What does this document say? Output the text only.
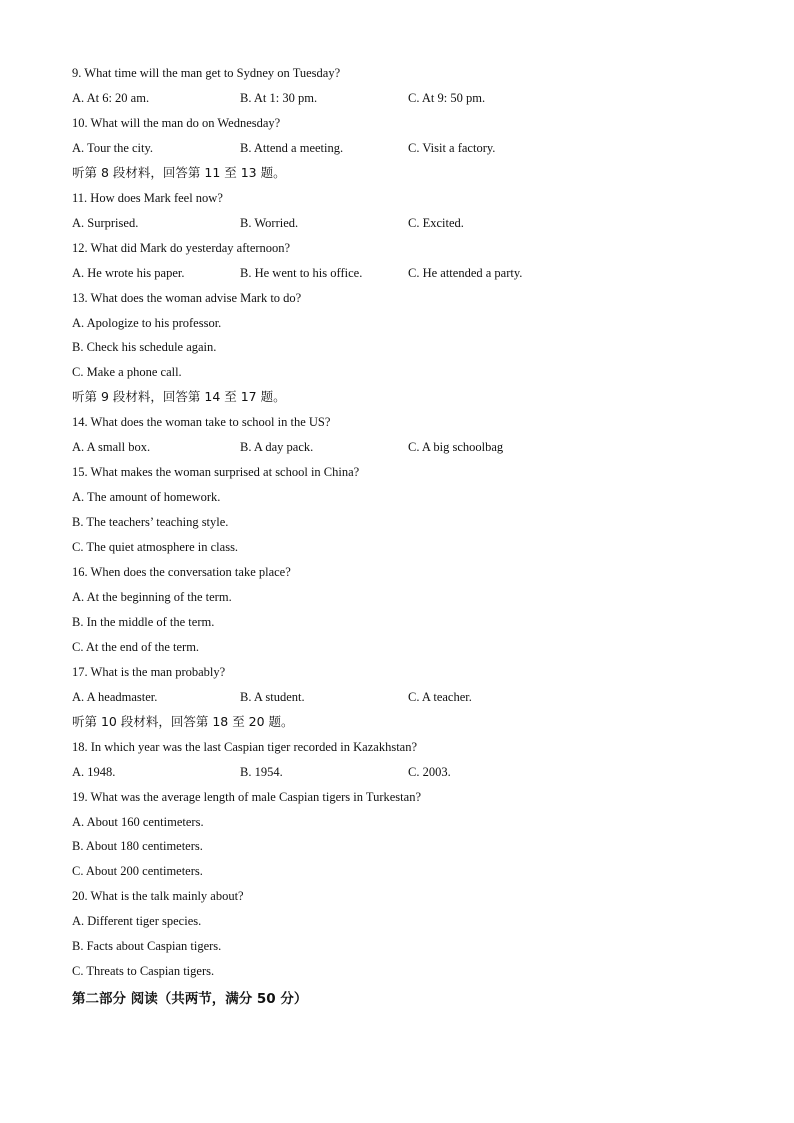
9. What time will the man get to Sydney on Tuesday?
A. At 6: 20 am.	B. At 1: 30 pm.	C. At 9: 50 pm.
10. What will the man do on Wednesday?
A. Tour the city.	B. Attend a meeting.	C. Visit a factory.
听第 8 段材料，回答第 11 至 13 题。
11. How does Mark feel now?
A. Surprised.	B. Worried.	C. Excited.
12. What did Mark do yesterday afternoon?
A. He wrote his paper.	B. He went to his office.	C. He attended a party.
13. What does the woman advise Mark to do?
A. Apologize to his professor.
B. Check his schedule again.
C. Make a phone call.
听第 9 段材料，回答第 14 至 17 题。
14. What does the woman take to school in the US?
A. A small box.	B. A day pack.	C. A big schoolbag
15. What makes the woman surprised at school in China?
A. The amount of homework.
B. The teachers’ teaching style.
C. The quiet atmosphere in class.
16. When does the conversation take place?
A. At the beginning of the term.
B. In the middle of the term.
C. At the end of the term.
17. What is the man probably?
A. A headmaster.	B. A student.	C. A teacher.
听第 10 段材料，回答第 18 至 20 题。
18. In which year was the last Caspian tiger recorded in Kazakhstan?
A. 1948.	B. 1954.	C. 2003.
19. What was the average length of male Caspian tigers in Turkestan?
A. About 160 centimeters.
B. About 180 centimeters.
C. About 200 centimeters.
20. What is the talk mainly about?
A. Different tiger species.
B. Facts about Caspian tigers.
C. Threats to Caspian tigers.
第二部分 阅读（共两节，满分 50 分）
